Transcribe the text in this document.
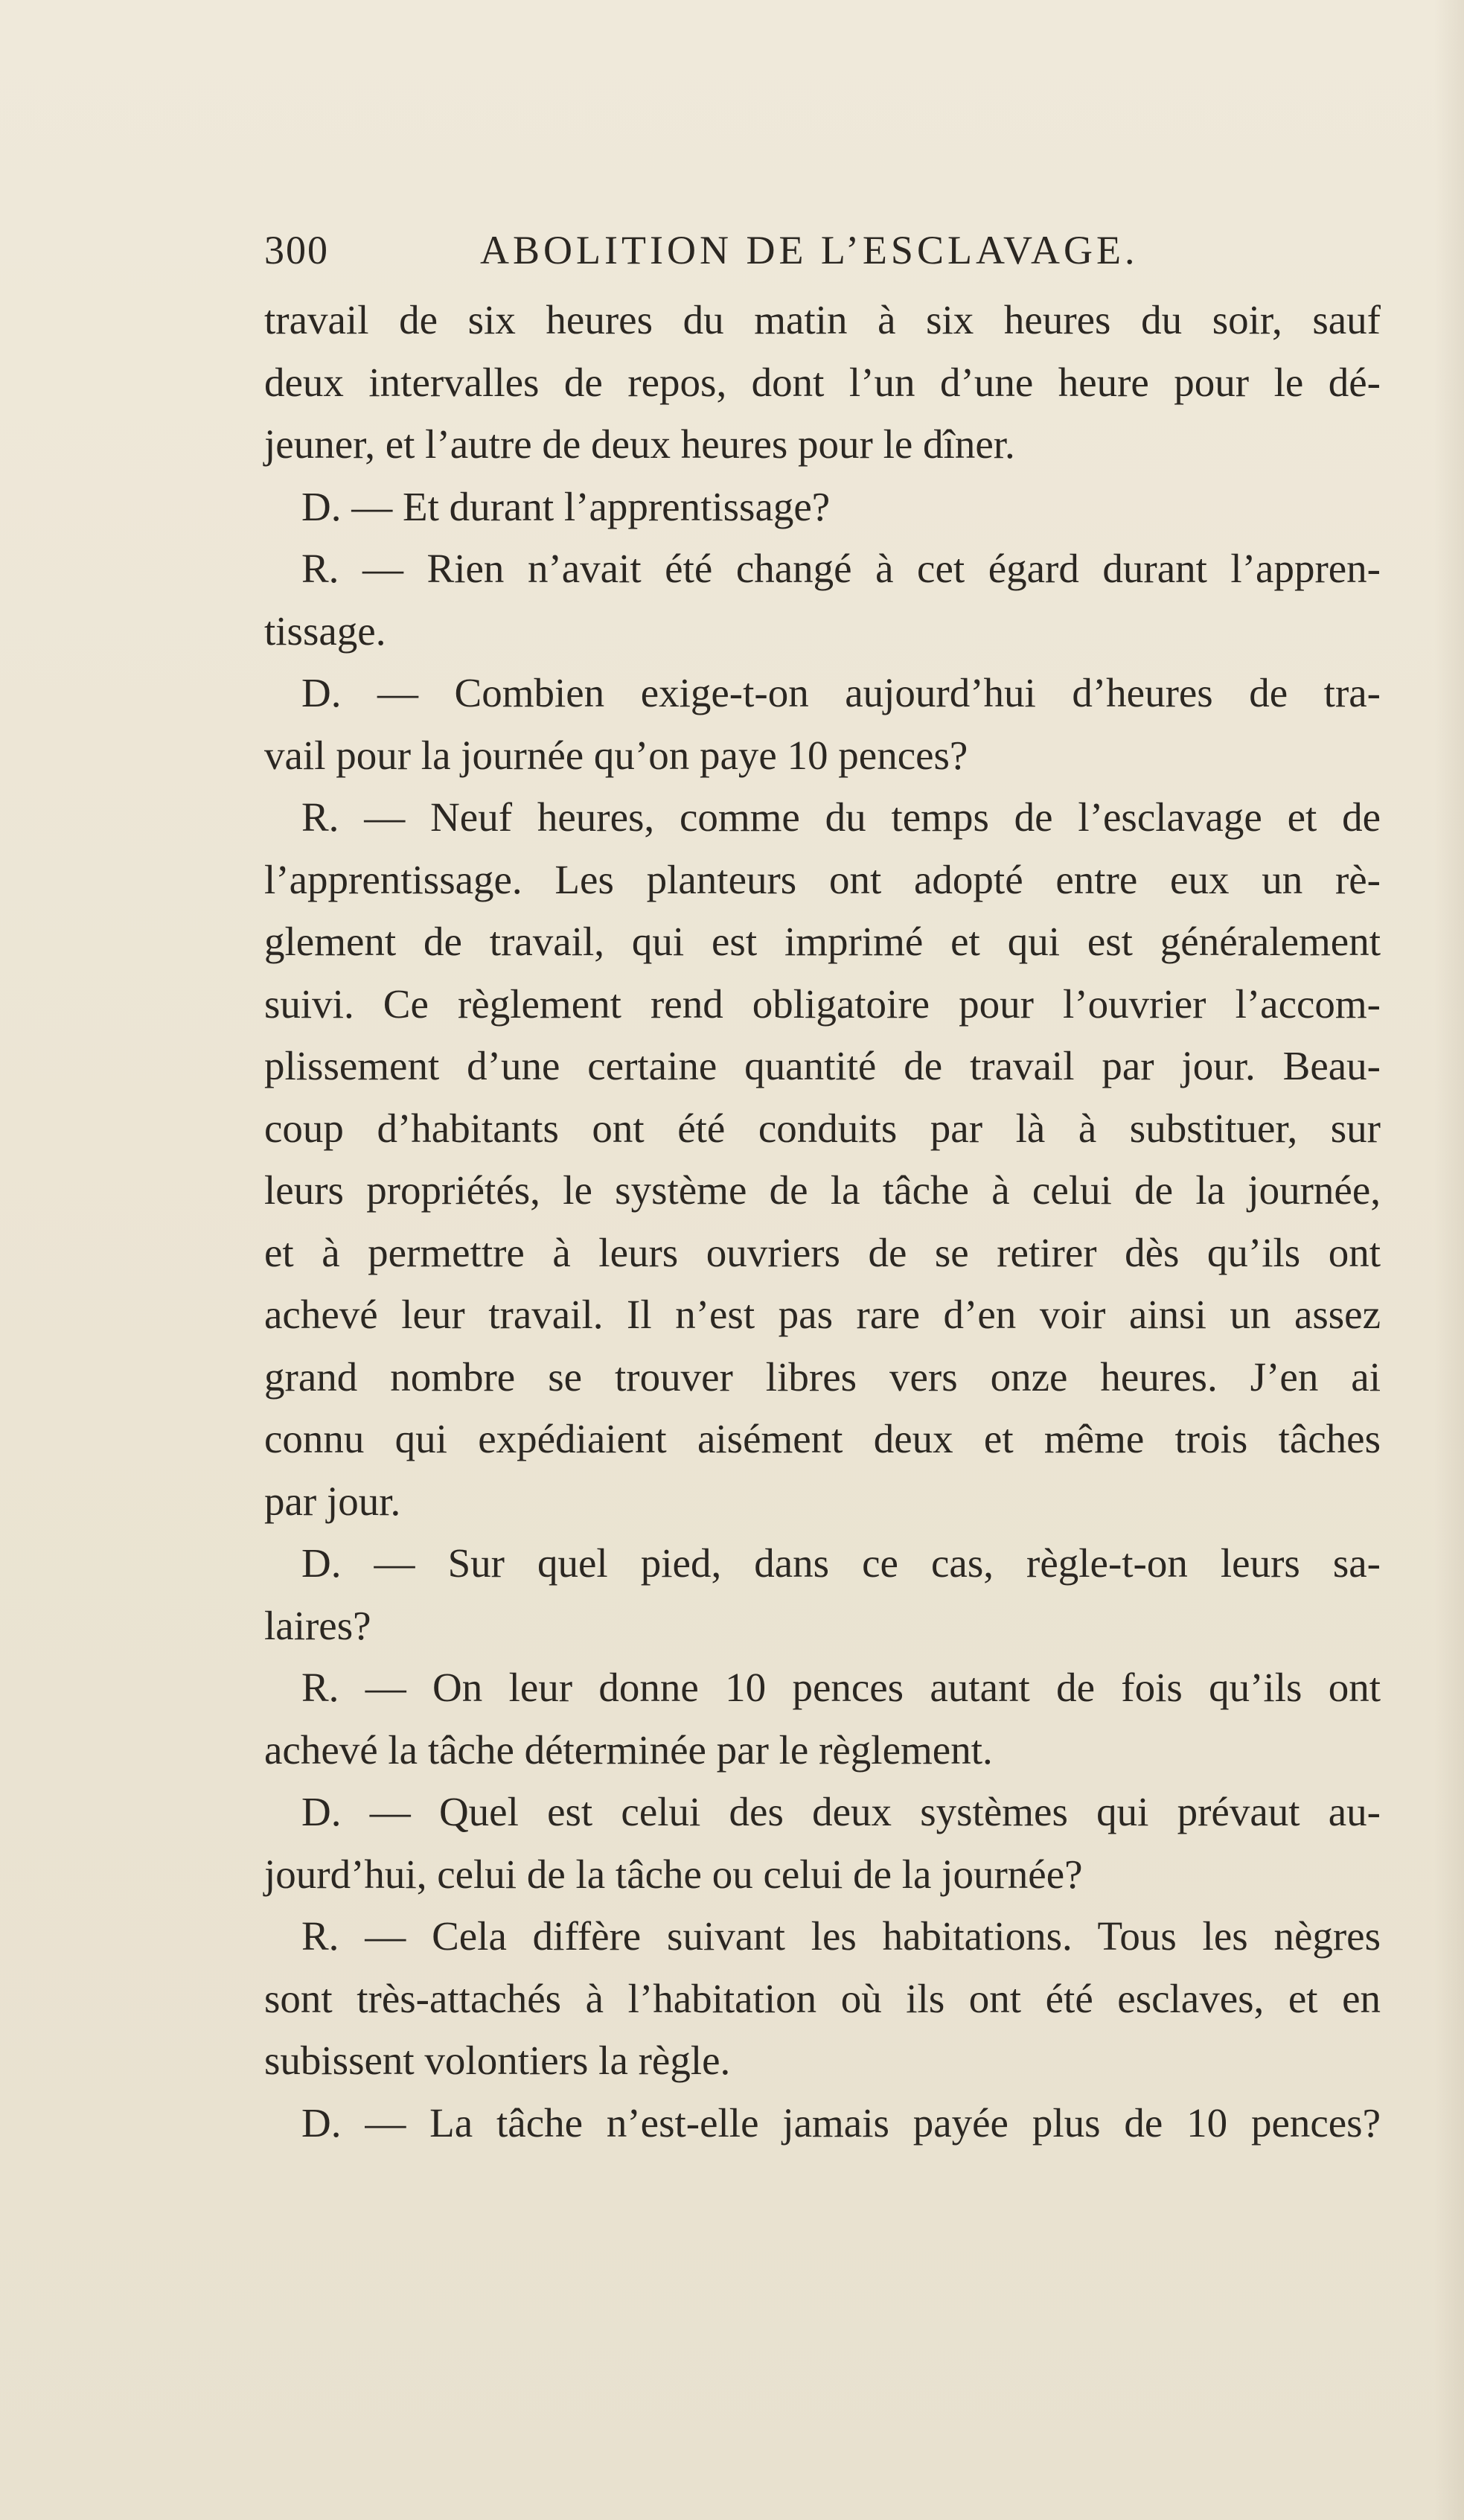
300	ABOLITION DE L’ESCLAVAGE.
travail de six heures du matin à six heures du soir, sauf
deux intervalles de repos, dont l’un d’une heure pour le dé-
jeuner, et l’autre de deux heures pour le dîner.
D. — Et durant l’apprentissage?
R. — Rien n’avait été changé à cet égard durant l’appren-
tissage.
D. — Combien exige-t-on aujourd’hui d’heures de tra-
vail pour la journée qu’on paye 10 pences?
R. — Neuf heures, comme du temps de l’esclavage et de
l’apprentissage. Les planteurs ont adopté entre eux un rè-
glement de travail, qui est imprimé et qui est généralement
suivi. Ce règlement rend obligatoire pour l’ouvrier l’accom-
plissement d’une certaine quantité de travail par jour. Beau-
coup d’habitants ont été conduits par là à substituer, sur
leurs propriétés, le système de la tâche à celui de la journée,
et à permettre à leurs ouvriers de se retirer dès qu’ils ont
achevé leur travail. Il n’est pas rare d’en voir ainsi un assez
grand nombre se trouver libres vers onze heures. J’en ai
connu qui expédiaient aisément deux et même trois tâches
par jour.
D. — Sur quel pied, dans ce cas, règle-t-on leurs sa-
laires?
R. — On leur donne 10 pences autant de fois qu’ils ont
achevé la tâche déterminée par le règlement.
D. — Quel est celui des deux systèmes qui prévaut au-
jourd’hui, celui de la tâche ou celui de la journée?
R. — Cela diffère suivant les habitations. Tous les nègres
sont très-attachés à l’habitation où ils ont été esclaves, et en
subissent volontiers la règle.
D. — La tâche n’est-elle jamais payée plus de 10 pences?
